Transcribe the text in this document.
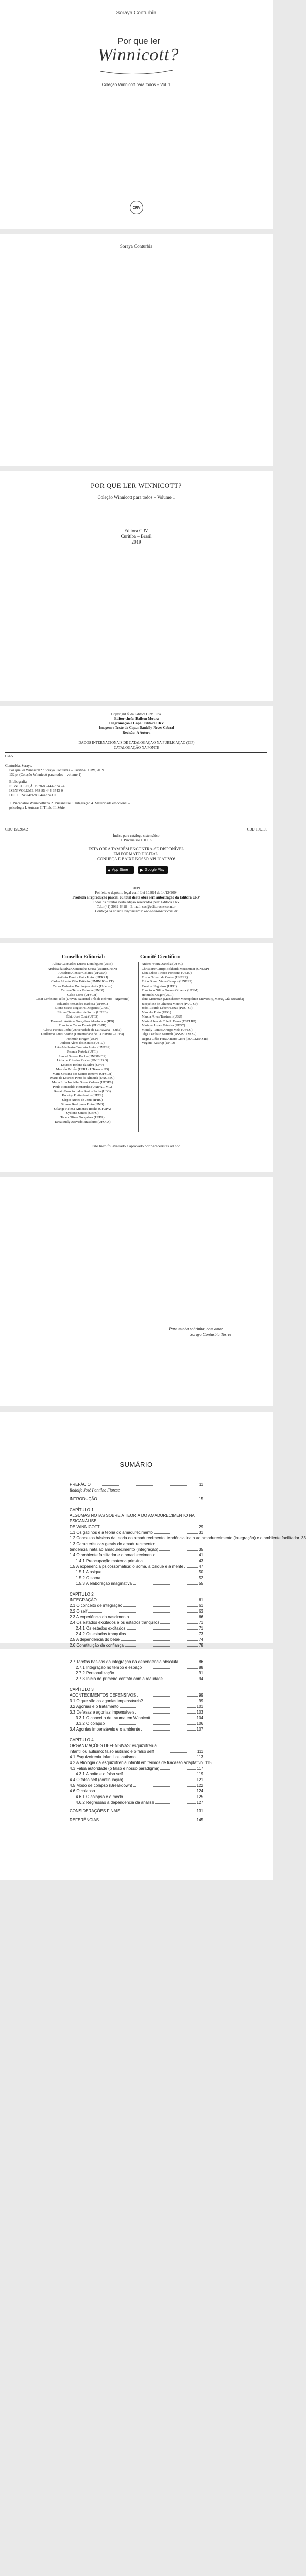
Soraya Conturbia
Por que ler
Winnicott?
Coleção Winnicott para todos – Vol. 1
CRV
Soraya Conturbia
POR QUE LER WINNICOTT?
Coleção Winnicott para todos – Volume 1
Editora CRV
Curitiba – Brasil
2019
Copyright © da Editora CRV Ltda.
Editor-chefe: Railson Moura
Diagramação e Capa: Editora CRV
Imagem e Texto da Capa: Danielly Neves Cabral
Revisão: A Autora
DADOS INTERNACIONAIS DE CATALOGAÇÃO NA PUBLICAÇÃO (CIP) CATALOGAÇÃO NA FONTE
C765
Conturbia, Soraya.
Por que ler Winnicott? / Soraya Conturbia – Curitiba : CRV, 2019.
132 p. (Coleção Winnicott para todos – volume 1)
Bibliografia
ISBN COLEÇÃO 978-85-444-3745-4
ISBN VOLUME 978-85-444-3743-0
DOI 10.24824/978854443743.0
1. Psicanálise Winnicottiana 2. Psicanálise 3. Integração 4. Maturidade emocional – psicologia I. Autoras II.Título II. Série.
CDU 159.964.2	CDD 150.195
Índice para catálogo sistemático
1. Psicanálise 150.195
ESTA OBRA TAMBÉM ENCONTRA-SE DISPONÍVEL
EM FORMATO DIGITAL.
CONHEÇA E BAIXE NOSSO APLICATIVO!
● App Store	▶ Google Play
2019
Foi feito o depósito legal conf. Lei 10.994 de 14/12/2004
Proibida a reprodução parcial ou total desta obra sem autorização da Editora CRV
Todos os direitos desta edição reservados pela: Editora CRV
Tel.: (41) 3039-6418 – E-mail: sac@editoracrv.com.br
Conheça os nossos lançamentos: www.editoracrv.com.br
Conselho Editorial:	Comitê Científico:
Aldira Guimarães Duarte Domínguez (UNB)
Andréia da Silva Quintanilha Sousa (UNIR/UFRN)
Anselmo Alencar Colares (UFOPA)
Antônio Pereira Gaio Júnior (UFRRJ)
Carlos Alberto Vilar Estêvão (UMINHO – PT)
Carlos Federico Dominguez Avila (Unieuro)
Carmen Tereza Velanga (UNIR)
Celso Conti (UFSCar)
Cesar Gerónimo Tello (Univer. Nacional Três de Febrero – Argentina)
Eduardo Fernandes Barbosa (UFMG)
Elione Maria Nogueira Diogenes (UFAL)
Elizeu Clementino de Souza (UNEB)
Élsio José Corá (UFFS)
Fernando Antônio Gonçalves Alcoforado (IPB)
Francisco Carlos Duarte (PUC-PR)
Gloria Fariñas León (Universidade de La Havana – Cuba)
Guillermo Arias Beatón (Universidade de La Havana – Cuba)
Helmuth Krüger (UCP)
Jailson Alves dos Santos (UFRJ)
João Adalberto Campato Junior (UNESP)
Josania Portela (UFPI)
Leonel Severo Rocha (UNISINOS)
Lídia de Oliveira Xavier (UNIEURO)
Lourdes Helena da Silva (UFV)
Marcelo Paixão (UFRJ e UTexas – US)
Maria Cristina dos Santos Bezerra (UFSCar)
Maria de Lourdes Pinto de Almeida (UNOESC)
Maria Lília Imbiriba Sousa Colares (UFOPA)
Paulo Romualdo Hernandes (UNIFAL-MG)
Renato Francisco dos Santos Paula (UFG)
Rodrigo Pratte-Santos (UFES)
Sérgio Nunes de Jesus (IFRO)
Simone Rodrigues Pinto (UNB)
Solange Helena Ximenes-Rocha (UFOPA)
Sydione Santos (UEPG)
Tadeu Oliver Gonçalves (UFPA)
Tania Suely Azevedo Brasileiro (UFOPA)
Andrea Vieira Zanella (UFSC)
Christiane Carrijo Eckhardt Mouammar (UNESP)
Edna Lúcia Tinoco Ponciano (UERJ)
Edson Olivari de Castro (UNESP)
Érico Bruno Viana Campos (UNESP)
Fauston Negreiros (UFPI)
Francisco Nilton Gomes Oliveira (UFSM)
Helmuth Krüger (UCP)
Ilana Mountian (Manchester Metropolitan University, MMU, Grã-Bretanha)
Jacqueline de Oliveira Moreira (PUC-SP)
João Ricardo Lebert Cozac (PUC-SP)
Marcelo Porto (UEG)
Marcia Alves Tassinari (USU)
Maria Alves de Toledo Bruns (FFCLRP)
Mariana Lopez Teixeira (UFSC)
Monilly Ramos Araujo Melo (UFCG)
Olga Ceciliato Mattioli (ASSIS/UNESP)
Regina Célia Faria Amaro Giora (MACKENZIE)
Virgínia Kastrup (UFRJ)
Este livro foi avaliado e aprovado por pareceristas ad hoc.
Para minha sobrinha, com amor.
Soraya Conturbia Torres
SUMÁRIO
PREFÁCIO	11
Rodolfo José Pontilho Fiorese
INTRODUÇÃO	15
CAPÍTULO 1
ALGUMAS NOTAS SOBRE A TEORIA DO AMADURECIMENTO NA PSICANÁLISE
DE WINNICOTT	29
1.1 Os gatilhos e a teoria do amadurecimento	31
1.2 Conceitos básicos da teoria do amadurecimento: tendência inata ao amadurecimento (integração) e o ambiente facilitador 33
1.3 Características gerais do amadurecimento:
tendência inata ao amadurecimento (integração)	35
1.4 O ambiente facilitador e o amadurecimento	41
1.4.1 Preocupação materna primária	43
1.5 A experiência psicossomática: o soma, a psique e a mente	47
1.5.1 A psique	50
1.5.2 O soma	52
1.5.3 A elaboração imaginativa	55
CAPÍTULO 2
INTEGRAÇÃO	61
2.1 O conceito de integração	61
2.2 O self	63
2.3 A experiência do nascimento	66
2.4 Os estados excitados e os estados tranquilos	71
2.4.1 Os estados excitados	71
2.4.2 Os estados tranquilos	73
2.5 A dependência do bebê	74
2.6 Constituição da confiança	78
2.7 Tarefas básicas da integração na dependência absoluta	86
2.7.1 Integração no tempo e espaço	88
2.7.2 Personalização	91
2.7.3 Início do primeiro contato com a realidade	94
CAPÍTULO 3
ACONTECIMENTOS DEFENSIVOS	99
3.1 O que são as agonias impensáveis?	99
3.2 Agonias e o tratamento	101
3.3 Defesas e agonias impensáveis	103
3.3.1 O conceito de trauma em Winnicott	104
3.3.2 O colapso	106
3.4 Agonias impensáveis e o ambiente	107
CAPÍTULO 4
ORGANIZAÇÕES DEFENSIVAS: esquizofrenia
infantil ou autismo; falso autismo e o falso self	111
4.1 Esquizofrenia infantil ou autismo	113
4.2 A etiologia da esquizofrenia infantil em termos de fracasso adaptativo 115
4.3 Falsa autoridade (o falso e nosso paradigma)	117
4.3.1 A noite e o falso self	119
4.4 O falso self (continuação)	121
4.5 Modo de colapso (Breakdown)	122
4.6 O colapso	124
4.6.1 O colapso e o medo	125
4.6.2 Regressão à dependência da análise	127
CONSIDERAÇÕES FINAIS	131
REFERÊNCIAS	145
